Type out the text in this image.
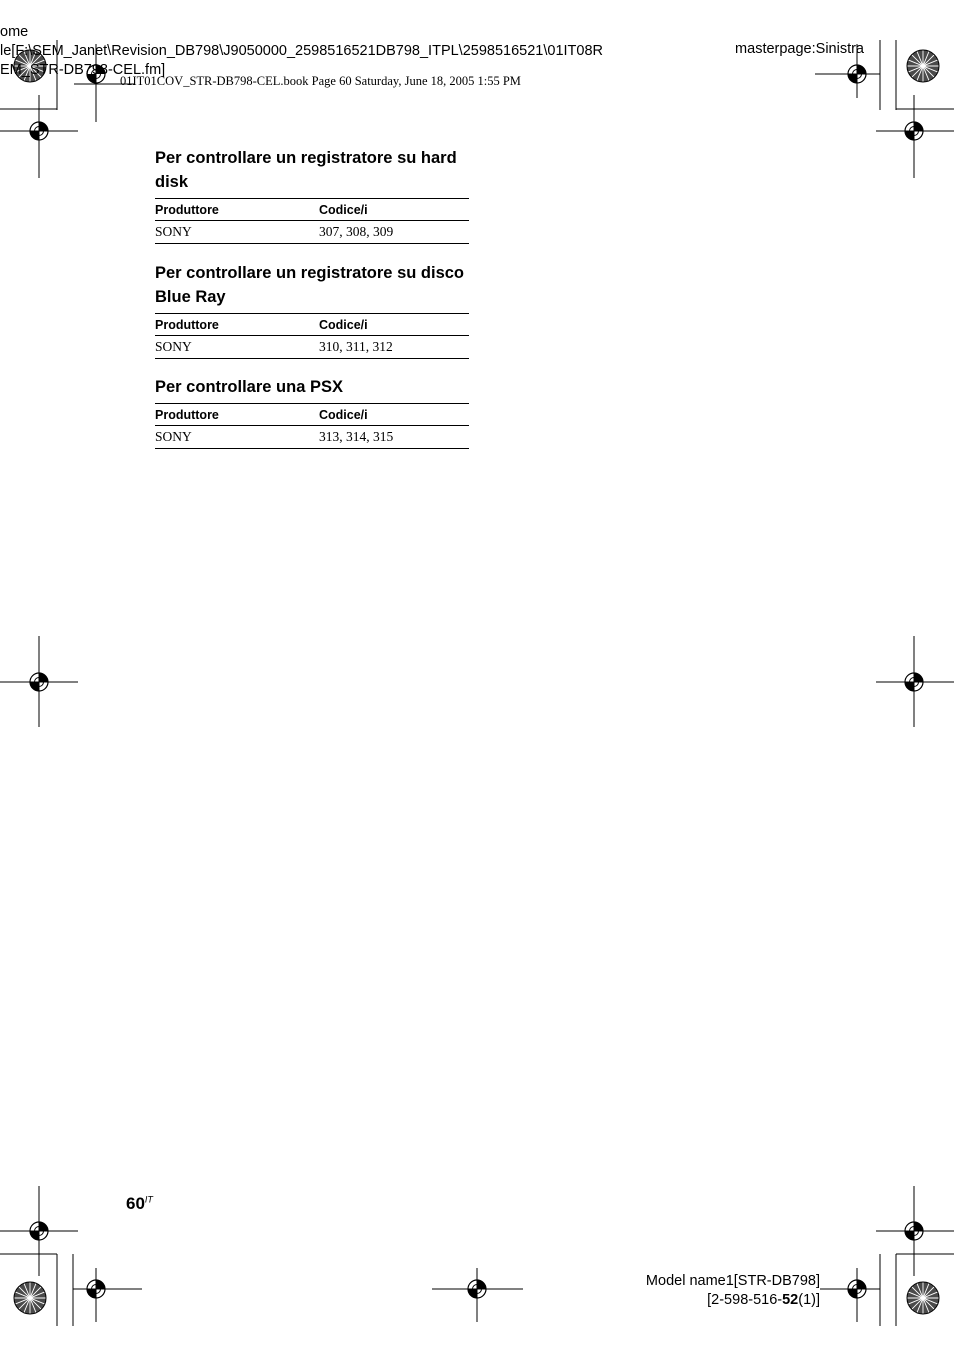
ome
le[F:\SEM_Janet\Revision_DB798\J9050000_2598516521DB798_ITPL\2598516521\01IT08R
EM_STR-DB798-CEL.fm]
masterpage:Sinistra
01IT01COV_STR-DB798-CEL.book Page 60 Saturday, June 18, 2005 1:55 PM
Per controllare un registratore su hard disk
Produttore	Codice/i
SONY	307, 308, 309
Per controllare un registratore su disco Blue Ray
Produttore	Codice/i
SONY	310, 311, 312
Per controllare una PSX
Produttore	Codice/i
SONY	313, 314, 315
$60^{IT}$
Model name1[STR-DB798]
[2-598-516-52(1)]
